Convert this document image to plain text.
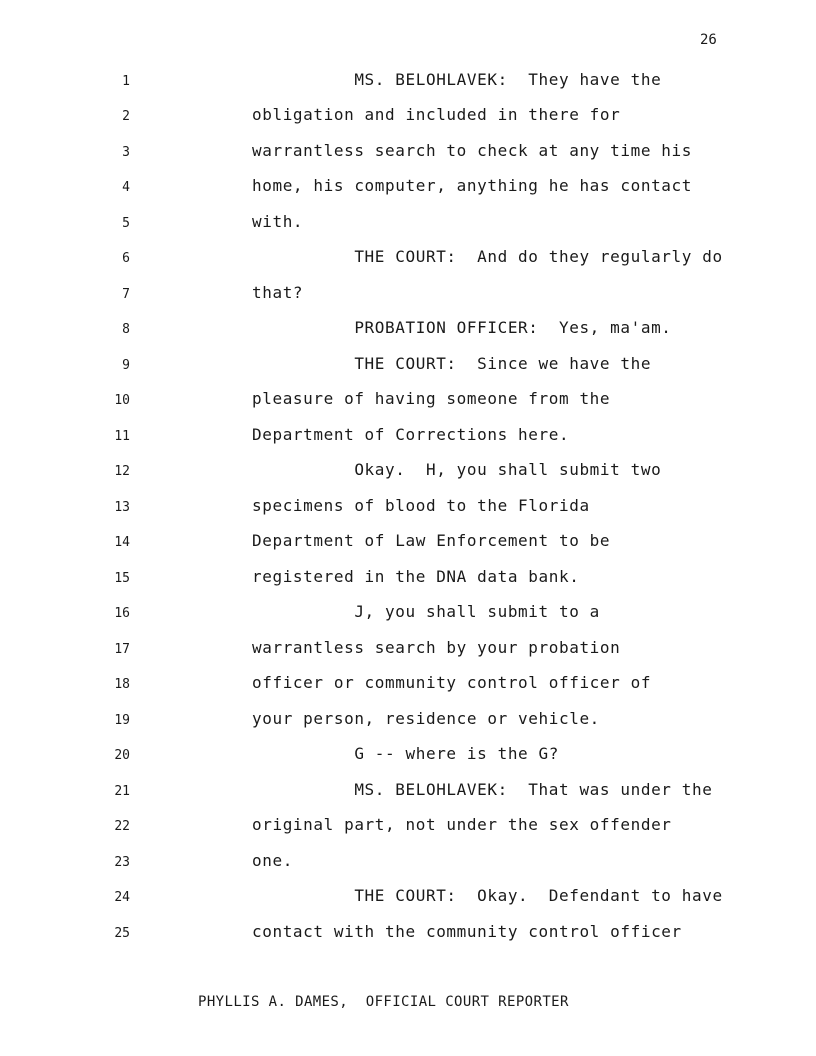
26
1	MS. BELOHLAVEK:  They have the
2	obligation and included in there for
3	warrantless search to check at any time his
4	home, his computer, anything he has contact
5	with.
6	THE COURT:  And do they regularly do
7	that?
8	PROBATION OFFICER:  Yes, ma'am.
9	THE COURT:  Since we have the
10	pleasure of having someone from the
11	Department of Corrections here.
12	Okay.  H, you shall submit two
13	specimens of blood to the Florida
14	Department of Law Enforcement to be
15	registered in the DNA data bank.
16	J, you shall submit to a
17	warrantless search by your probation
18	officer or community control officer of
19	your person, residence or vehicle.
20	G -- where is the G?
21	MS. BELOHLAVEK:  That was under the
22	original part, not under the sex offender
23	one.
24	THE COURT:  Okay.  Defendant to have
25	contact with the community control officer
PHYLLIS A. DAMES,  OFFICIAL COURT REPORTER
